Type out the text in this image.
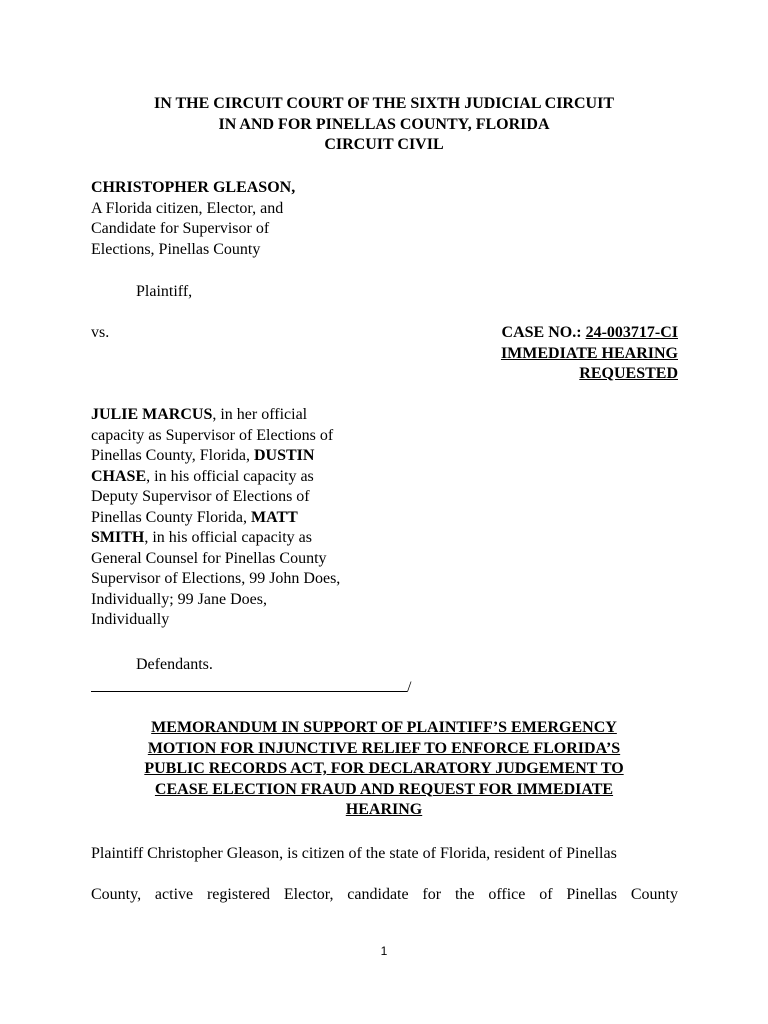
IN THE CIRCUIT COURT OF THE SIXTH JUDICIAL CIRCUIT
IN AND FOR PINELLAS COUNTY, FLORIDA
CIRCUIT CIVIL
CHRISTOPHER GLEASON,
A Florida citizen, Elector, and
Candidate for Supervisor of
Elections, Pinellas County
Plaintiff,
vs.	CASE NO.: 24-003717-CI
IMMEDIATE HEARING
REQUESTED
JULIE MARCUS, in her official
capacity as Supervisor of Elections of
Pinellas County, Florida, DUSTIN
CHASE, in his official capacity as
Deputy Supervisor of Elections of
Pinellas County Florida, MATT
SMITH, in his official capacity as
General Counsel for Pinellas County
Supervisor of Elections, 99 John Does,
Individually; 99 Jane Does,
Individually
Defendants.
/
MEMORANDUM IN SUPPORT OF PLAINTIFF’S EMERGENCY
MOTION FOR INJUNCTIVE RELIEF TO ENFORCE FLORIDA’S
PUBLIC RECORDS ACT, FOR DECLARATORY JUDGEMENT TO
CEASE ELECTION FRAUD AND REQUEST FOR IMMEDIATE
HEARING
Plaintiff Christopher Gleason, is citizen of the state of Florida, resident of Pinellas
County, active registered Elector, candidate for the office of Pinellas County
1
